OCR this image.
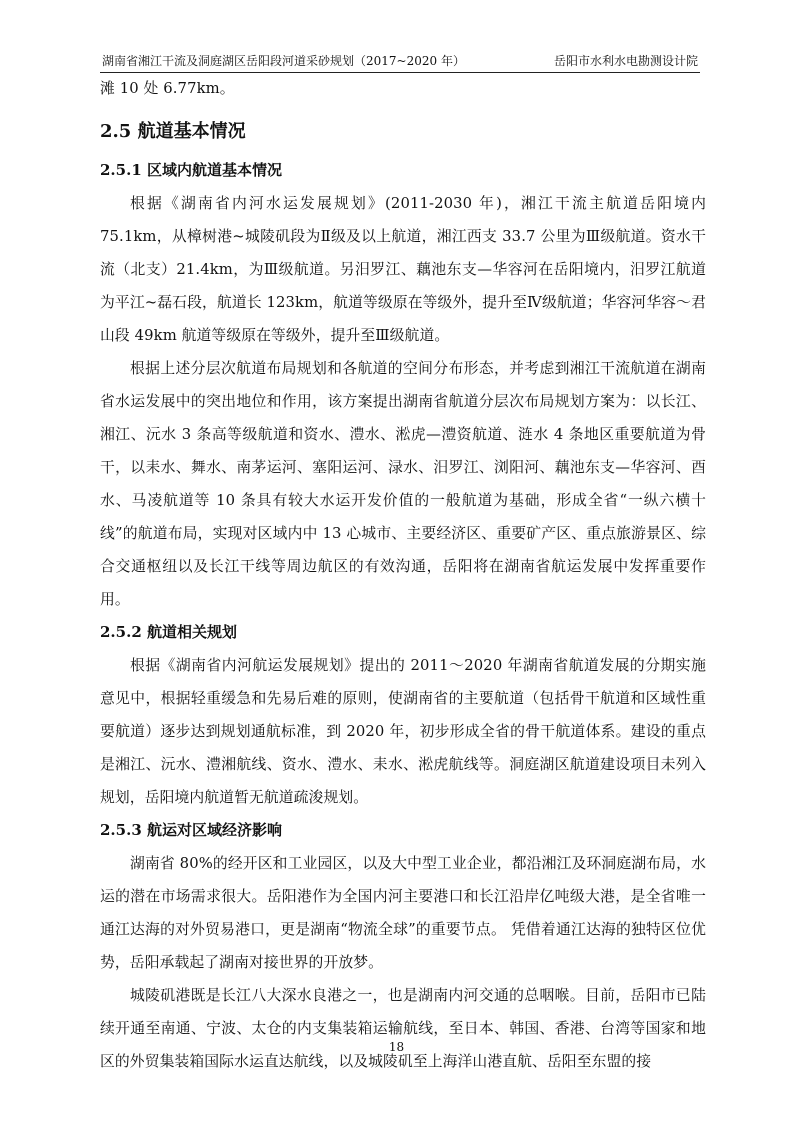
湖南省湘江干流及洞庭湖区岳阳段河道采砂规划（2017~2020 年）	岳阳市水利水电勘测设计院

滩 10 处 6.77km。

2.5 航道基本情况
2.5.1 区域内航道基本情况

根据《湖南省内河水运发展规划》(2011-2030 年)，湘江干流主航道岳阳境内 75.1km，从樟树港~城陵矶段为Ⅱ级及以上航道，湘江西支 33.7 公里为Ⅲ级航道。资水干流（北支）21.4km，为Ⅲ级航道。另汨罗江、藕池东支—华容河在岳阳境内，汨罗江航道为平江~磊石段，航道长 123km，航道等级原在等级外，提升至Ⅳ级航道；华容河华容～君山段 49km 航道等级原在等级外，提升至Ⅲ级航道。

根据上述分层次航道布局规划和各航道的空间分布形态，并考虑到湘江干流航道在湖南省水运发展中的突出地位和作用，该方案提出湖南省航道分层次布局规划方案为：以长江、湘江、沅水 3 条高等级航道和资水、澧水、淞虎—澧资航道、涟水 4 条地区重要航道为骨干，以耒水、舞水、南茅运河、塞阳运河、渌水、汨罗江、浏阳河、藕池东支—华容河、酉水、马凌航道等 10 条具有较大水运开发价值的一般航道为基础，形成全省“一纵六横十线”的航道布局，实现对区域内中 13 心城市、主要经济区、重要矿产区、重点旅游景区、综合交通枢纽以及长江干线等周边航区的有效沟通，岳阳将在湖南省航运发展中发挥重要作用。

2.5.2 航道相关规划

根据《湖南省内河航运发展规划》提出的 2011～2020 年湖南省航道发展的分期实施意见中，根据轻重缓急和先易后难的原则，使湖南省的主要航道（包括骨干航道和区域性重要航道）逐步达到规划通航标准，到 2020 年，初步形成全省的骨干航道体系。建设的重点是湘江、沅水、澧湘航线、资水、澧水、耒水、淞虎航线等。洞庭湖区航道建设项目未列入规划，岳阳境内航道暂无航道疏浚规划。

2.5.3 航运对区域经济影响

湖南省 80%的经开区和工业园区，以及大中型工业企业，都沿湘江及环洞庭湖布局，水运的潜在市场需求很大。岳阳港作为全国内河主要港口和长江沿岸亿吨级大港，是全省唯一通江达海的对外贸易港口，更是湖南“物流全球”的重要节点。 凭借着通江达海的独特区位优势，岳阳承载起了湖南对接世界的开放梦。

城陵矶港既是长江八大深水良港之一，也是湖南内河交通的总咽喉。目前，岳阳市已陆续开通至南通、宁波、太仓的内支集装箱运输航线，至日本、韩国、香港、台湾等国家和地区的外贸集装箱国际水运直达航线，以及城陵矶至上海洋山港直航、岳阳至东盟的接

18
